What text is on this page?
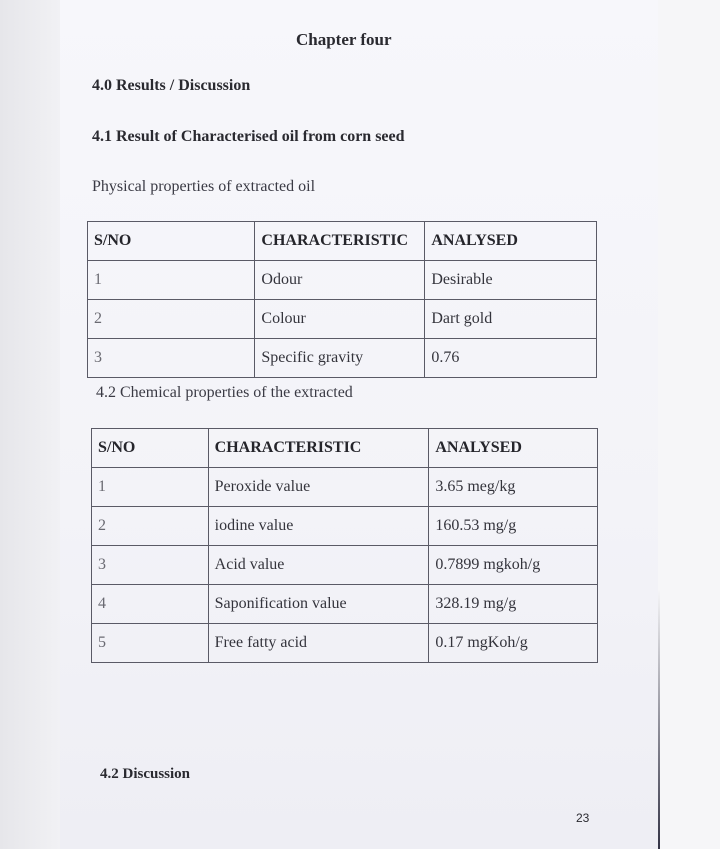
Chapter four
4.0 Results / Discussion
4.1 Result of Characterised oil from corn seed
Physical properties of extracted oil
S/NO	CHARACTERISTIC	ANALYSED
1	Odour	Desirable
2	Colour	Dart gold
3	Specific gravity	0.76
4.2 Chemical properties of the extracted
S/NO	CHARACTERISTIC	ANALYSED
1	Peroxide value	3.65 meg/kg
2	iodine value	160.53 mg/g
3	Acid value	0.7899 mgkoh/g
4	Saponification value	328.19 mg/g
5	Free fatty acid	0.17 mgKoh/g
4.2 Discussion
23
